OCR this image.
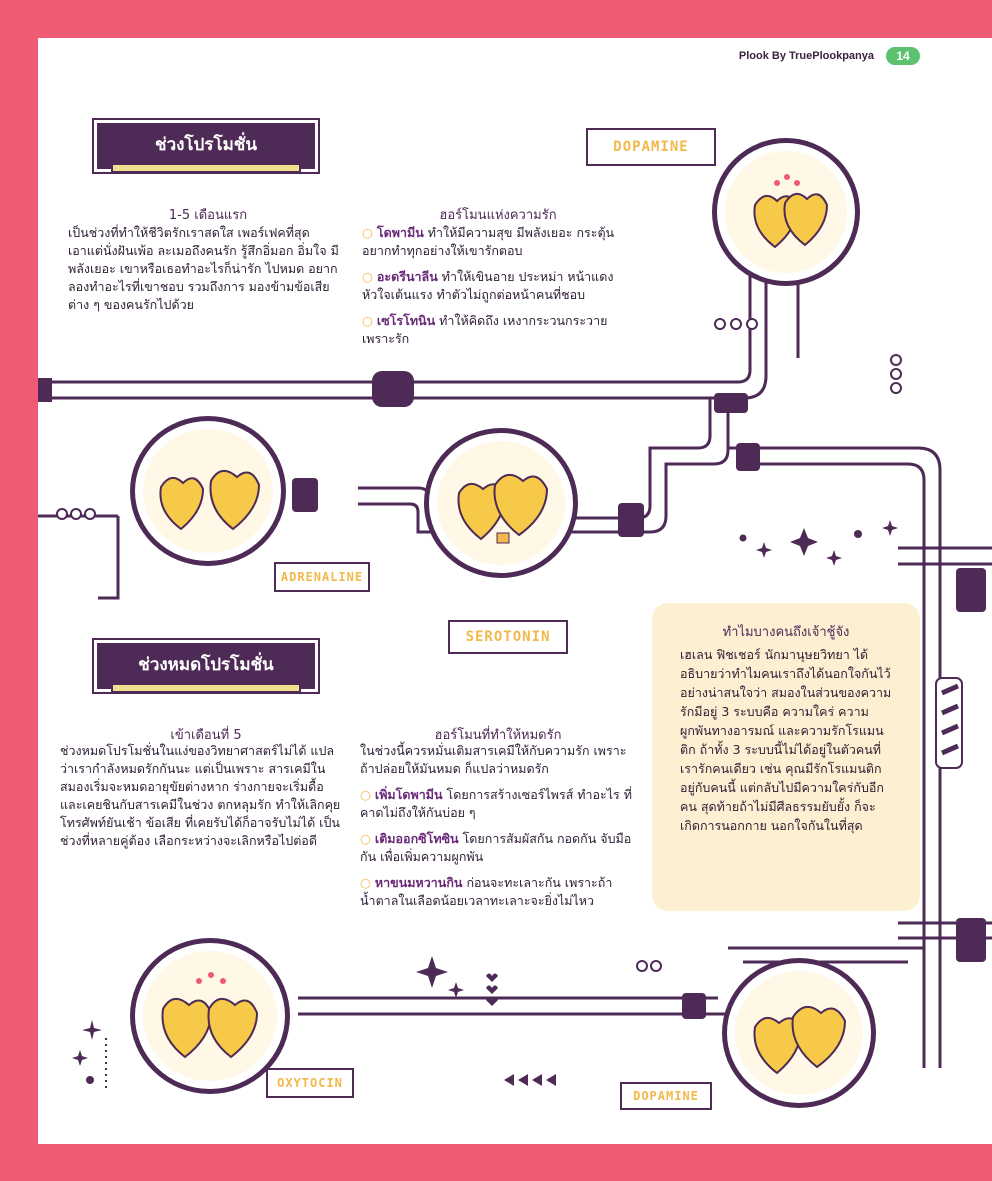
Plook By TruePlookpanya	14
ช่วงโปรโมชั่น
1-5 เดือนแรก
เป็นช่วงที่ทำให้ชีวิตรักเราสดใส เพอร์เฟคที่สุด เอาแต่นั่งฝันเพ้อ ละเมอถึงคนรัก รู้สึกอิ่มอก อิ่มใจ มีพลังเยอะ เขาหรือเธอทำอะไรก็น่ารัก ไปหมด อยากลองทำอะไรที่เขาชอบ รวมถึงการ มองข้ามข้อเสียต่าง ๆ ของคนรักไปด้วย
ฮอร์โมนแห่งความรัก
○ โดพามีน ทำให้มีความสุข มีพลังเยอะ กระตุ้น อยากทำทุกอย่างให้เขารักตอบ
○ อะดรีนาลีน ทำให้เขินอาย ประหม่า หน้าแดง หัวใจเต้นแรง ทำตัวไม่ถูกต่อหน้าคนที่ชอบ
○ เซโรโทนิน ทำให้คิดถึง เหงากระวนกระวาย เพราะรัก
DOPAMINE
ADRENALINE
SEROTONIN
OXYTOCIN
DOPAMINE
ช่วงหมดโปรโมชั่น
เข้าเดือนที่ 5
ช่วงหมดโปรโมชั่นในแง่ของวิทยาศาสตร์ไม่ได้ แปลว่าเรากำลังหมดรักกันนะ แต่เป็นเพราะ สารเคมีในสมองเริ่มจะหมดอายุขัยต่างหาก ร่างกายจะเริ่มดื้อ และเคยชินกับสารเคมีในช่วง ตกหลุมรัก ทำให้เลิกคุยโทรศัพท์ยันเช้า ข้อเสีย ที่เคยรับได้ก็อาจรับไม่ได้ เป็นช่วงที่หลายคู่ต้อง เลือกระหว่างจะเลิกหรือไปต่อดี
ฮอร์โมนที่ทำให้หมดรัก
ในช่วงนี้ควรหมั่นเติมสารเคมีให้กับความรัก เพราะถ้าปล่อยให้มันหมด ก็แปลว่าหมดรัก
○ เพิ่มโดพามีน โดยการสร้างเซอร์ไพรส์ ทำอะไร ที่คาดไม่ถึงให้กันบ่อย ๆ
○ เติมออกซิโทซิน โดยการสัมผัสกัน กอดกัน จับมือกัน เพื่อเพิ่มความผูกพัน
○ หาขนมหวานกิน ก่อนจะทะเลาะกัน เพราะถ้า น้ำตาลในเลือดน้อยเวลาทะเลาะจะยิ่งไม่ไหว
ทำไมบางคนถึงเจ้าชู้จัง
เฮเลน ฟิชเชอร์ นักมานุษยวิทยา ได้อธิบายว่าทำไมคนเราถึงได้นอกใจกันไว้อย่างน่าสนใจว่า สมองในส่วนของความรักมีอยู่ 3 ระบบคือ ความใคร่ ความผูกพันทางอารมณ์ และความรักโรแมนติก ถ้าทั้ง 3 ระบบนี้ไม่ได้อยู่ในตัวคนที่เรารักคนเดียว เช่น คุณมีรักโรแมนติกอยู่กับคนนี้ แต่กลับไปมีความใคร่กับอีกคน สุดท้ายถ้าไม่มีศีลธรรมยับยั้ง ก็จะเกิดการนอกกาย นอกใจกันในที่สุด
